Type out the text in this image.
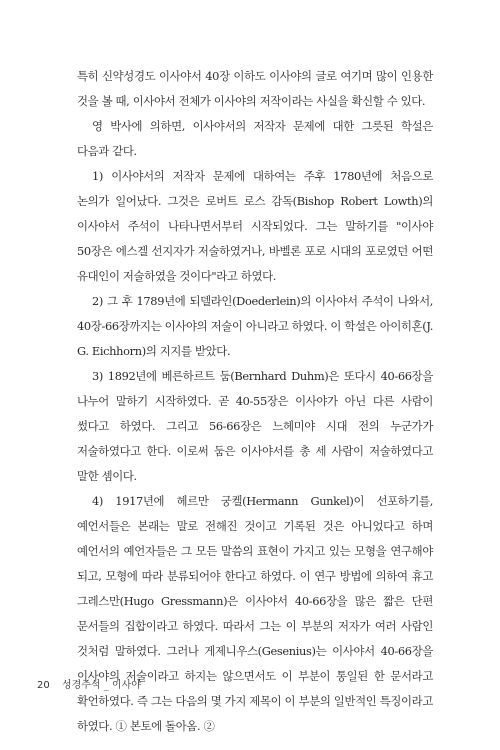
특히 신약성경도 이사야서 40장 이하도 이사야의 글로 여기며 많이 인용한 것을 볼 때, 이사야서 전체가 이사야의 저작이라는 사실을 확신할 수 있다.

영 박사에 의하면, 이사야서의 저작자 문제에 대한 그릇된 학설은 다음과 같다.

1) 이사야서의 저작자 문제에 대하여는 주후 1780년에 처음으로 논의가 일어났다. 그것은 로버트 로스 감독(Bishop Robert Lowth)의 이사야서 주석이 나타나면서부터 시작되었다. 그는 말하기를 "이사야 50장은 에스겔 선지자가 저술하였거나, 바벨론 포로 시대의 포로였던 어떤 유대인이 저술하였을 것이다"라고 하였다.

2) 그 후 1789년에 되델라인(Doederlein)의 이사야서 주석이 나와서, 40장-66장까지는 이사야의 저술이 아니라고 하였다. 이 학설은 아이히혼(J. G. Eichhorn)의 지지를 받았다.

3) 1892년에 베른하르트 둠(Bernhard Duhm)은 또다시 40-66장을 나누어 말하기 시작하였다. 곧 40-55장은 이사야가 아닌 다른 사람이 썼다고 하였다. 그리고 56-66장은 느헤미야 시대 전의 누군가가 저술하였다고 한다. 이로써 둠은 이사야서를 총 세 사람이 저술하였다고 말한 셈이다.

4) 1917년에 헤르만 궁켈(Hermann Gunkel)이 선포하기를, 예언서들은 본래는 말로 전해진 것이고 기록된 것은 아니었다고 하며 예언서의 예언자들은 그 모든 말씀의 표현이 가지고 있는 모형을 연구해야 되고, 모형에 따라 분류되어야 한다고 하였다. 이 연구 방법에 의하여 휴고 그레스만(Hugo Gressmann)은 이사야서 40-66장을 많은 짧은 단편 문서들의 집합이라고 하였다. 따라서 그는 이 부분의 저자가 여러 사람인 것처럼 말하였다. 그러나 게제니우스(Gesenius)는 이사야서 40-66장을 이사야의 저술이라고 하지는 않으면서도 이 부분이 통일된 한 문서라고 확언하였다. 즉 그는 다음의 몇 가지 제목이 이 부분의 일반적인 특징이라고 하였다. ① 본토에 돌아옴. ②

20 성경주석 _ 이사야
